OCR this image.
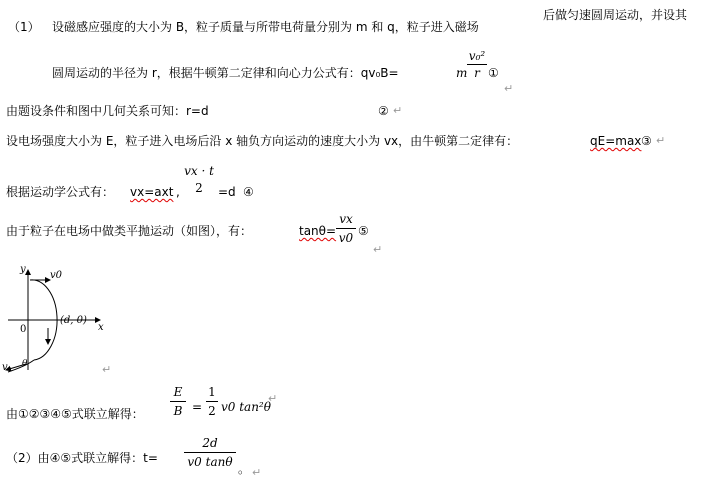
（1） 设磁感应强度的大小为 B，粒子质量与所带电荷量分别为 m 和 q，粒子进入磁场
后做匀速圆周运动，并设其
圆周运动的半径为 r，根据牛顿第二定律和向心力公式有：qv₀B=	m $\frac{\text{v₀²}}{r}$ ①
↵
由题设条件和图中几何关系可知：r=d	② ↵
设电场强度大小为 E，粒子进入电场后沿 x 轴负方向运动的速度大小为 vx，由牛顿第二定律有：	qE=max ③ ↵
根据运动学公式有： vx=axt ,
vx · t
2	=d ④
由于粒子在电场中做类平抛运动（如图），有：	$\tan\theta= \frac{vx}{v0}$ ⑤
↵
y
x
0
v0
(d, 0)
v θ	↵
由①②③④⑤式联立解得： $\frac{E}{B} = \frac{1}{2} v0$ tan²θ
↵
（2）由④⑤式联立解得：$t= \frac{2d}{v0 \tan\theta}$ 。 ↵
